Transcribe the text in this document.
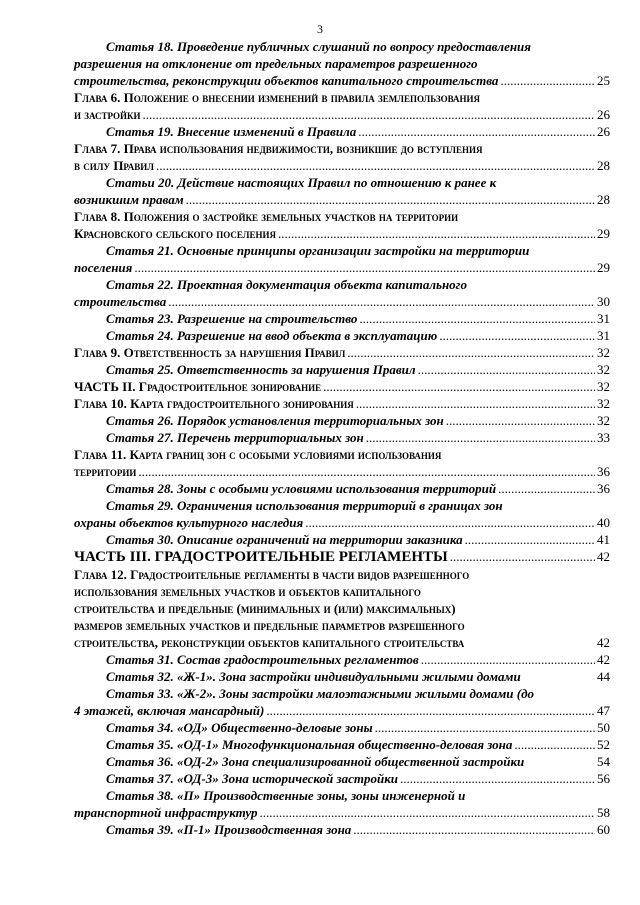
3
Статья 18. Проведение публичных слушаний по вопросу предоставления
разрешения на отклонение от предельных параметров разрешенного
строительства, реконструкции объектов капитального строительства .....	25
Глава 6. Положение о внесении изменений в правила землепользования
и застройки .....	26
Статья 19. Внесение изменений в Правила .....	26
Глава 7. Права использования недвижимости, возникшие до вступления
в силу Правил .....	28
Статьи 20. Действие настоящих Правил по отношению к ранее к
возникшим правам .....	28
Глава 8. Положения о застройке земельных участков на территории
Красновского сельского поселения .....	29
Статья 21. Основные принципы организации застройки на территории
поселения .....	29
Статья 22. Проектная документация объекта капитального
строительства .....	30
Статья 23. Разрешение на строительство .....	31
Статья 24. Разрешение на ввод объекта в эксплуатацию .....	31
Глава 9. Ответственность за нарушения Правил .....	32
Статья 25. Ответственность за нарушения Правил .....	32
ЧАСТЬ II. Градостроительное зонирование .....	32
Глава 10. Карта градостроительного зонирования .....	32
Статья 26. Порядок установления территориальных зон .....	32
Статья 27. Перечень территориальных зон .....	33
Глава 11. Карта границ зон с особыми условиями использования
территории .....	36
Статья 28. Зоны с особыми условиями использования территорий .....	36
Статья 29. Ограничения использования территорий в границах зон
охраны объектов культурного наследия .....	40
Статья 30. Описание ограничений на территории заказника .....	41
ЧАСТЬ III. ГРАДОСТРОИТЕЛЬНЫЕ РЕГЛАМЕНТЫ .....	42
Глава 12. Градостроительные регламенты в части видов разрешенного
использования земельных участков и объектов капитального
строительства и предельные (минимальных и (или) максимальных)
размеров земельных участков и предельные параметров разрешенного
строительства, реконструкции объектов капитального строительства	42
Статья 31. Состав градостроительных регламентов .....	42
Статья 32. «Ж-1». Зона застройки индивидуальными жилыми домами	44
Статья 33. «Ж-2». Зоны застройки малоэтажными жилыми домами (до
4 этажей, включая мансардный) .....	47
Статья 34. «ОД» Общественно-деловые зоны .....	50
Статья 35. «ОД-1» Многофункциональная общественно-деловая зона .....	52
Статья 36. «ОД-2» Зона специализированной общественной застройки	54
Статья 37. «ОД-3» Зона исторической застройки .....	56
Статья 38. «П» Производственные зоны, зоны инженерной и
транспортной инфраструктур .....	58
Статья 39. «П-1» Производственная зона .....	60
